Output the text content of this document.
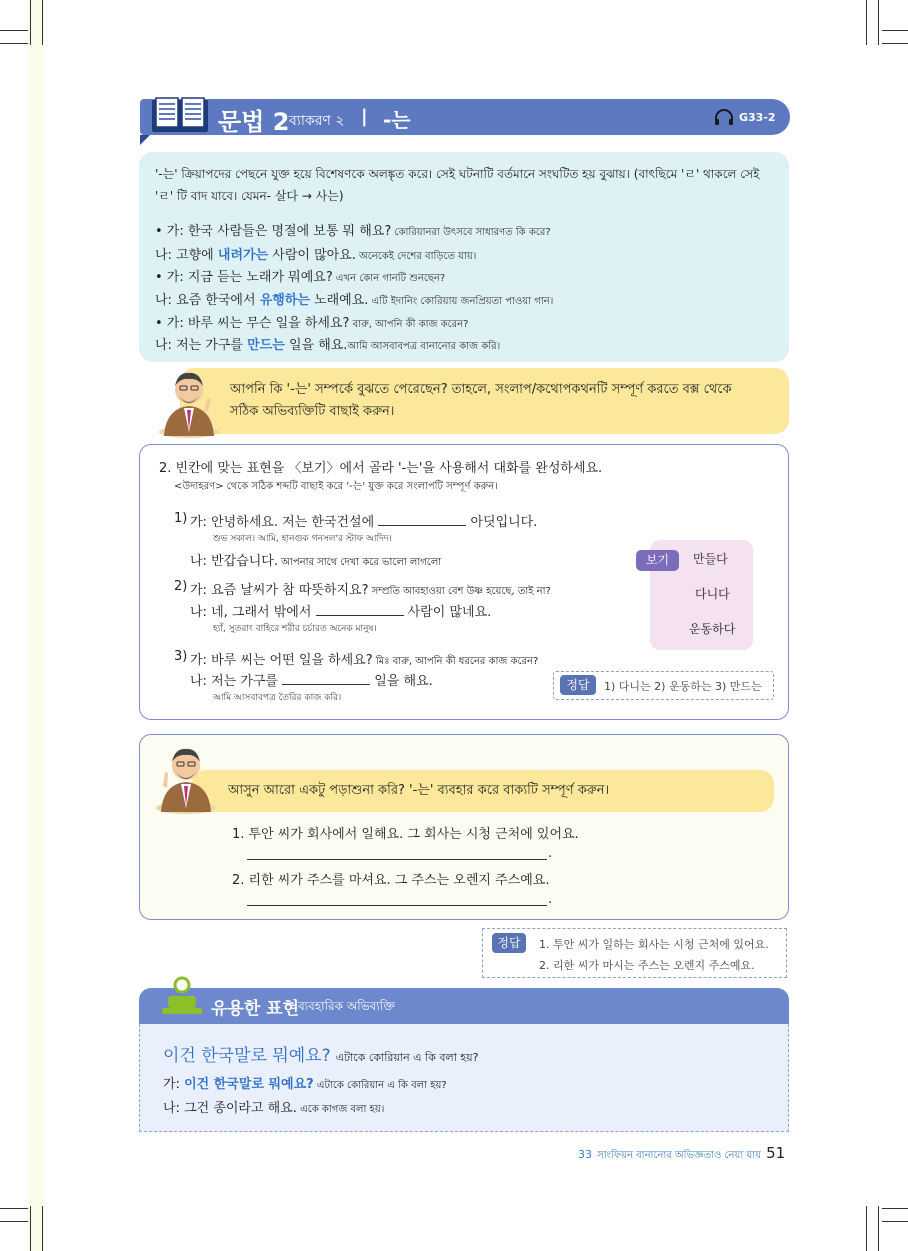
문법 2 ব্যাকরণ ২ | -는	G33-2
'-는' ক্রিয়াপদের পেছনে যুক্ত হয়ে বিশেষণকে অলঙ্কৃত করে। সেই ঘটনাটি বর্তমানে সংঘটিত হয় বুঝায়। (বাৎছিমে 'ㄹ' থাকলে সেই 'ㄹ' টি বাদ যাবে। যেমন- 살다 → 사는)
• 가: 한국 사람들은 명절에 보통 뭐 해요? কোরিয়ানরা উৎসবে সাধারণত কি করে?
나: 고향에 내려가는 사람이 많아요. অনেকেই দেশের বাড়িতে যায়।
• 가: 지금 듣는 노래가 뭐예요? এখন কোন গানটি শুনছেন?
나: 요즘 한국에서 유행하는 노래예요. এটি ইদানিং কোরিয়ায় জনপ্রিয়তা পাওয়া গান।
• 가: 바루 씨는 무슨 일을 하세요? বারু, আপনি কী কাজ করেন?
나: 저는 가구를 만드는 일을 해요.আমি আসবাবপত্র বানানোর কাজ করি।
আপনি কি '-는' সম্পর্কে বুঝতে পেরেছেন? তাহলে, সংলাপ/কথোপকথনটি সম্পূর্ণ করতে বক্স থেকে
সঠিক অভিব্যক্তিটি বাছাই করুন।
2. 빈칸에 맞는 표현을 〈보기〉에서 골라 '-는'을 사용해서 대화를 완성하세요.
<উদাহরণ> থেকে সঠিক শব্দটি বাছাই করে '-는' যুক্ত করে সংলাপটি সম্পূর্ণ করুন।
1) 가: 안녕하세요. 저는 한국건설에	아딧입니다.
শুভ সকাল। আমি, হানগুক গনসল'র স্টাফ আদিদ।
나: 반갑습니다. আপনার সাথে দেখা করে ভালো লাগলো
2) 가: 요즘 날씨가 참 따뜻하지요? সম্প্রতি আবহাওয়া বেশ উষ্ণ হয়েছে, তাই না?
나: 네, 그래서 밖에서	사람이 많네요.
হ্যাঁ, সুতরাং বাহিরে শরীর চর্চারত অনেক মানুষ।
3) 가: 바루 씨는 어떤 일을 하세요? মিঃ বারু, আপনি কী ধরনের কাজ করেন?
나: 저는 가구를	일을 해요.
আমি আসবাবপত্র তৈরির কাজ করি।
보기	만들다
다니다
운동하다
정답	1) 다니는 2) 운동하는 3) 만드는
আসুন আরো একটু পড়াশুনা করি? '-는' ব্যবহার করে বাক্যটি সম্পূর্ণ করুন।
1. 투안 씨가 회사에서 일해요. 그 회사는 시청 근처에 있어요.
.
2. 리한 씨가 주스를 마셔요. 그 주스는 오렌지 주스예요.
.
정답	1. 투안 씨가 일하는 회사는 시청 근처에 있어요.
2. 리한 씨가 마시는 주스는 오렌지 주스예요.
유용한 표현
ব্যবহারিক অভিব্যক্তি
이건 한국말로 뭐예요? এটাকে কোরিয়ান এ কি বলা হয়?
가: 이건 한국말로 뭐예요? এটাকে কোরিয়ান এ কি বলা হয়?
나: 그건 종이라고 해요. একে কাগজ বলা হয়।
33 সাংফিয়ন বানানোর অভিজ্ঞতাও নেয়া যায় 51
